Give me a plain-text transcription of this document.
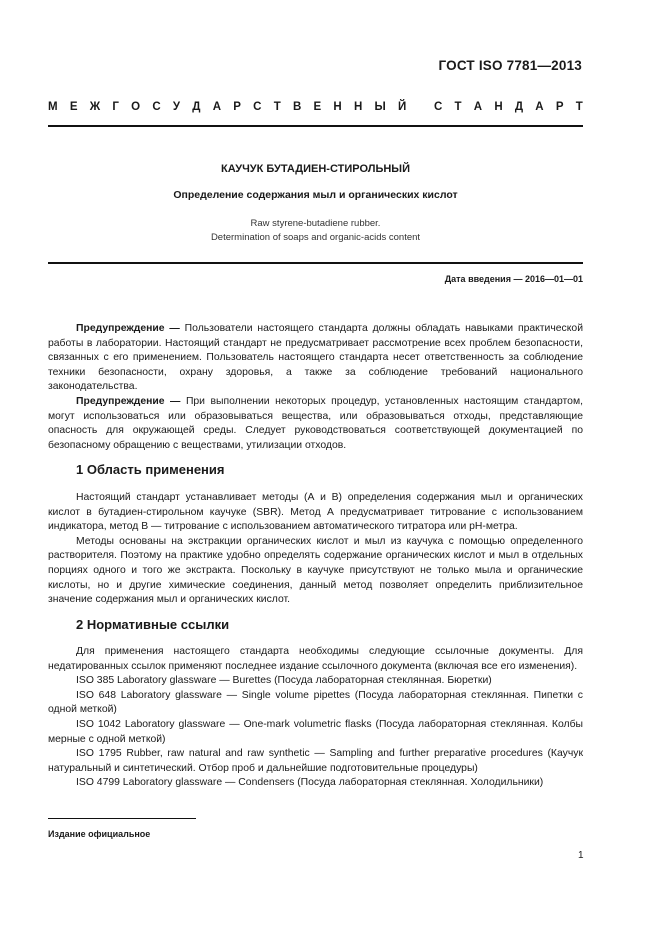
ГОСТ ISO 7781—2013
М Е Ж Г О С У Д А Р С Т В Е Н Н Ы Й
С Т А Н Д А Р Т
КАУЧУК БУТАДИЕН-СТИРОЛЬНЫЙ
Определение содержания мыл и органических кислот
Raw styrene-butadiene rubber.
Determination of soaps and organic-acids content
Дата введения — 2016—01—01

Предупреждение — Пользователи настоящего стандарта должны обладать навыками практической работы в лаборатории. Настоящий стандарт не предусматривает рассмотрение всех проблем безопасности, связанных с его применением. Пользователь настоящего стандарта несет ответственность за соблюдение техники безопасности, охрану здоровья, а также за соблюдение требований национального законодательства.

Предупреждение — При выполнении некоторых процедур, установленных настоящим стандартом, могут использоваться или образовываться вещества, или образовываться отходы, представляющие опасность для окружающей среды. Следует руководствоваться соответствующей документацией по безопасному обращению с веществами, утилизации отходов.

1 Область применения

Настоящий стандарт устанавливает методы (А и В) определения содержания мыл и органических кислот в бутадиен-стирольном каучуке (SBR). Метод А предусматривает титрование с использованием индикатора, метод В — титрование с использованием автоматического титратора или pH-метра.

Методы основаны на экстракции органических кислот и мыл из каучука с помощью определенного растворителя. Поэтому на практике удобно определять содержание органических кислот и мыл в отдельных порциях одного и того же экстракта. Поскольку в каучуке присутствуют не только мыла и органические кислоты, но и другие химические соединения, данный метод позволяет определить приблизительное значение содержания мыл и органических кислот.

2 Нормативные ссылки

Для применения настоящего стандарта необходимы следующие ссылочные документы. Для недатированных ссылок применяют последнее издание ссылочного документа (включая все его изменения).

ISO 385 Laboratory glassware — Burettes (Посуда лабораторная стеклянная. Бюретки)

ISO 648 Laboratory glassware — Single volume pipettes (Посуда лабораторная стеклянная. Пипетки с одной меткой)

ISO 1042 Laboratory glassware — One-mark volumetric flasks (Посуда лабораторная стеклянная. Колбы мерные с одной меткой)

ISO 1795 Rubber, raw natural and raw synthetic — Sampling and further preparative procedures (Каучук натуральный и синтетический. Отбор проб и дальнейшие подготовительные процедуры)

ISO 4799 Laboratory glassware — Condensers (Посуда лабораторная стеклянная. Холодильники)

Издание официальное
1
